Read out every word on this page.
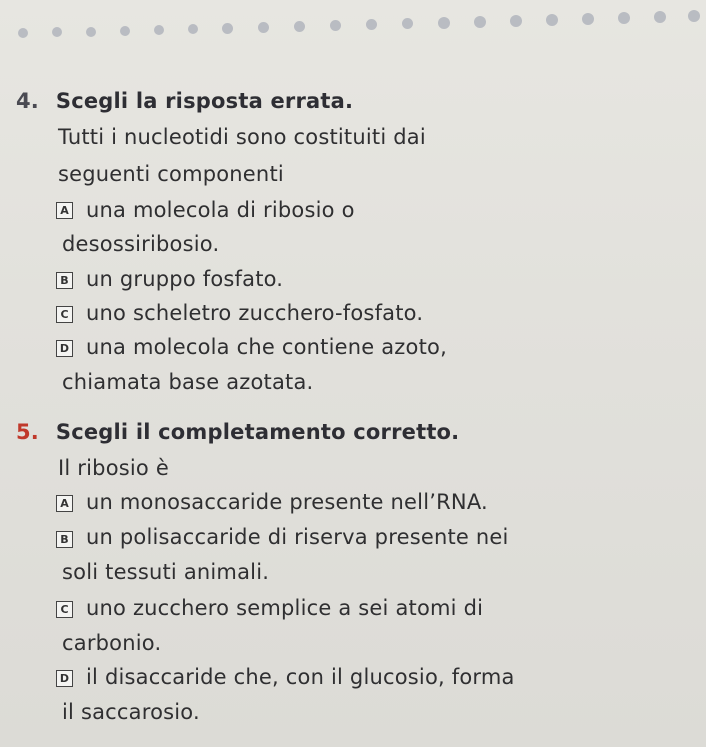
4. Scegli la risposta errata.
Tutti i nucleotidi sono costituiti dai
seguenti componenti
A una molecola di ribosio o
desossiribosio.
B un gruppo fosfato.
C uno scheletro zucchero-fosfato.
D una molecola che contiene azoto,
chiamata base azotata.
5. Scegli il completamento corretto.
Il ribosio è
A un monosaccaride presente nell’RNA.
B un polisaccaride di riserva presente nei
soli tessuti animali.
C uno zucchero semplice a sei atomi di
carbonio.
D il disaccaride che, con il glucosio, forma
il saccarosio.
